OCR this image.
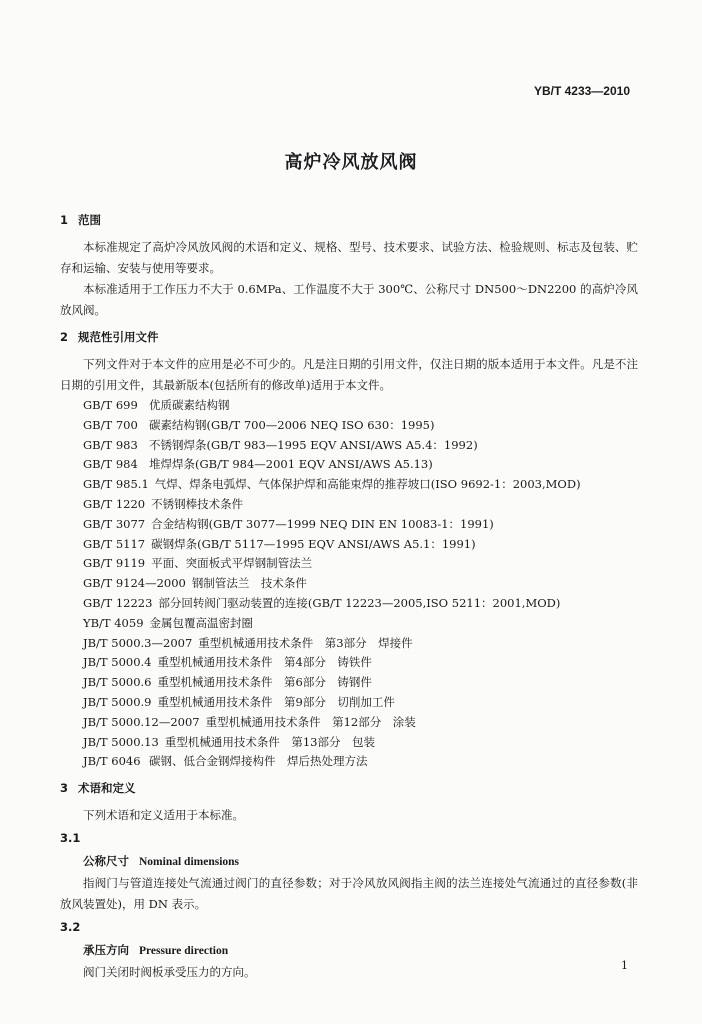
YB/T 4233—2010
高炉冷风放风阀
1 范围

本标准规定了高炉冷风放风阀的术语和定义、规格、型号、技术要求、试验方法、检验规则、标志及包装、贮存和运输、安装与使用等要求。

本标准适用于工作压力不大于 0.6MPa、工作温度不大于 300℃、公称尺寸 DN500～DN2200 的高炉冷风放风阀。

2 规范性引用文件

下列文件对于本文件的应用是必不可少的。凡是注日期的引用文件，仅注日期的版本适用于本文件。凡是不注日期的引用文件，其最新版本(包括所有的修改单)适用于本文件。

GB/T 699 优质碳素结构钢

GB/T 700 碳素结构钢(GB/T 700—2006 NEQ ISO 630：1995)

GB/T 983 不锈钢焊条(GB/T 983—1995 EQV ANSI/AWS A5.4：1992)

GB/T 984 堆焊焊条(GB/T 984—2001 EQV ANSI/AWS A5.13)

GB/T 985.1 气焊、焊条电弧焊、气体保护焊和高能束焊的推荐坡口(ISO 9692-1：2003,MOD)

GB/T 1220 不锈钢棒技术条件

GB/T 3077 合金结构钢(GB/T 3077—1999 NEQ DIN EN 10083-1：1991)

GB/T 5117 碳钢焊条(GB/T 5117—1995 EQV ANSI/AWS A5.1：1991)

GB/T 9119 平面、突面板式平焊钢制管法兰

GB/T 9124—2000 钢制管法兰　技术条件

GB/T 12223 部分回转阀门驱动装置的连接(GB/T 12223—2005,ISO 5211：2001,MOD)

YB/T 4059 金属包覆高温密封圈

JB/T 5000.3—2007 重型机械通用技术条件　第3部分　焊接件

JB/T 5000.4 重型机械通用技术条件　第4部分　铸铁件

JB/T 5000.6 重型机械通用技术条件　第6部分　铸钢件

JB/T 5000.9 重型机械通用技术条件　第9部分　切削加工件

JB/T 5000.12—2007 重型机械通用技术条件　第12部分　涂装

JB/T 5000.13 重型机械通用技术条件　第13部分　包装

JB/T 6046 碳钢、低合金钢焊接构件　焊后热处理方法

3 术语和定义

下列术语和定义适用于本标准。

3.1
公称尺寸 Nominal dimensions

指阀门与管道连接处气流通过阀门的直径参数；对于冷风放风阀指主阀的法兰连接处气流通过的直径参数(非放风装置处)，用 DN 表示。

3.2
承压方向 Pressure direction

阀门关闭时阀板承受压力的方向。	1
